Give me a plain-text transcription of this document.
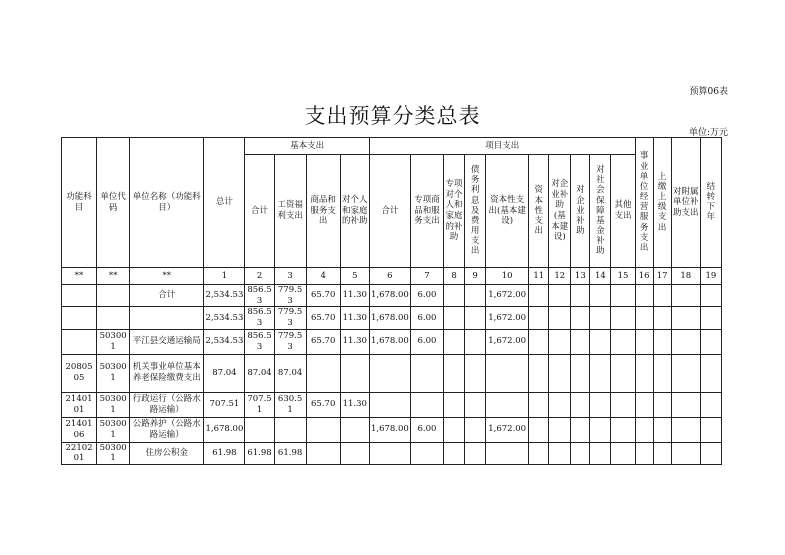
预算06表
支出预算分类总表
单位:万元
功能科目	单位代码	单位名称（功能科目）	总计	基本支出				项目支出										事业单位经营服务支出	上缴上级支出	对附属单位补助支出	结转下年
				合计	工资福利支出	商品和服务支出	对个人和家庭的补助	合计	专项商品和服务支出	专项对个人和家庭的补助	债务利息及费用支出	资本性支出(基本建设)	资本性支出	对企业补助(基本建设)	对企业补助	对社会保障基金补助	其他支出				
**	**	**	1	2	3	4	5	6	7	8	9	10	11	12	13	14	15	16	17	18	19
		合计	2,534.53	856.53	779.53	65.70	11.30	1,678.00	6.00			1,672.00									
			2,534.53	856.53	779.53	65.70	11.30	1,678.00	6.00			1,672.00									
	503001	平江县交通运输局	2,534.53	856.53	779.53	65.70	11.30	1,678.00	6.00			1,672.00									
2080505	503001	机关事业单位基本养老保险缴费支出	87.04	87.04	87.04																
2140101	503001	行政运行（公路水路运输）	707.51	707.51	630.51	65.70	11.30														
2140106	503001	公路养护（公路水路运输）	1,678.00					1,678.00	6.00			1,672.00									
2210201	503001	住房公积金	61.98	61.98	61.98																
